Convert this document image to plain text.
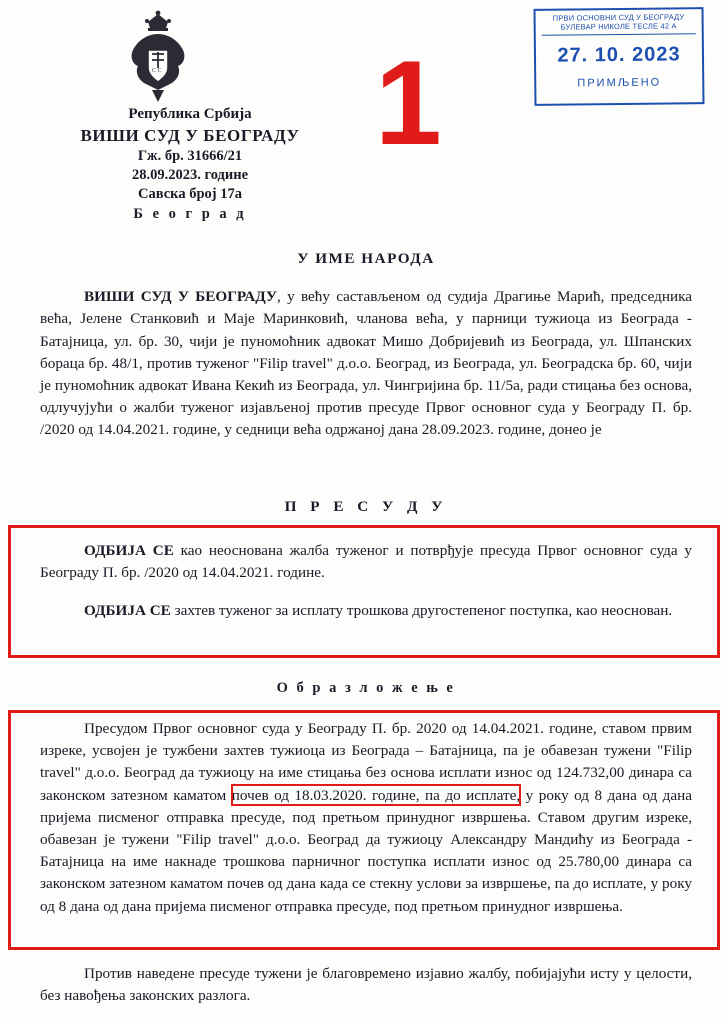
C C 1
ПРВИ ОСНОВНИ СУД У БЕОГРАДУ
БУЛЕВАР НИКОЛЕ ТЕСЛЕ 42 А
27. 10. 2023
ПРИМЉЕНО
Република Србија
ВИШИ СУД У БЕОГРАДУ
Гж. бр. 31666/21
28.09.2023. године
Савска број 17а
Б е о г р а д
У ИМЕ НАРОДА

ВИШИ СУД У БЕОГРАДУ, у већу састављеном од судија Драгиње Марић, председника већа, Јелене Станковић и Маје Маринковић, чланова већа, у парници тужиоца из Београда - Батајница, ул. бр. 30, чији је пуномоћник адвокат Мишо Добријевић из Београда, ул. Шпанских бораца бр. 48/1, против туженог "Filip travel" д.о.о. Београд, из Београда, ул. Београдска бр. 60, чији је пуномоћник адвокат Ивана Кекић из Београда, ул. Чингријина бр. 11/5а, ради стицања без основа, одлучујући о жалби туженог изјављеној против пресуде Првог основног суда у Београду П. бр. /2020 од 14.04.2021. године, у седници већа одржаној дана 28.09.2023. године, донео је

П Р Е С У Д У

ОДБИЈА СЕ као неоснована жалба туженог и потврђује пресуда Првог основног суда у Београду П. бр. /2020 од 14.04.2021. године.

ОДБИЈА СЕ захтев туженог за исплату трошкова другостепеног поступка, као неоснован.

О б р а з л о ж е њ е

Пресудом Првог основног суда у Београду П. бр. 2020 од 14.04.2021. године, ставом првим изреке, усвојен је тужбени захтев тужиоца из Београда – Батајница, па је обавезан тужени "Filip travel" д.о.о. Београд да тужиоцу на име стицања без основа исплати износ од 124.732,00 динара са законском затезном каматом почев од 18.03.2020. године, па до исплате, у року од 8 дана од дана пријема писменог отправка пресуде, под претњом принудног извршења. Ставом другим изреке, обавезан је тужени "Filip travel" д.о.о. Београд да тужиоцу Александру Мандићу из Београда - Батајница на име накнаде трошкова парничног поступка исплати износ од 25.780,00 динара са законском затезном каматом почев од дана када се стекну услови за извршење, па до исплате, у року од 8 дана од дана пријема писменог отправка пресуде, под претњом принудног извршења.

Против наведене пресуде тужени је благовремено изјавио жалбу, побијајући исту у целости, без навођења законских разлога.
